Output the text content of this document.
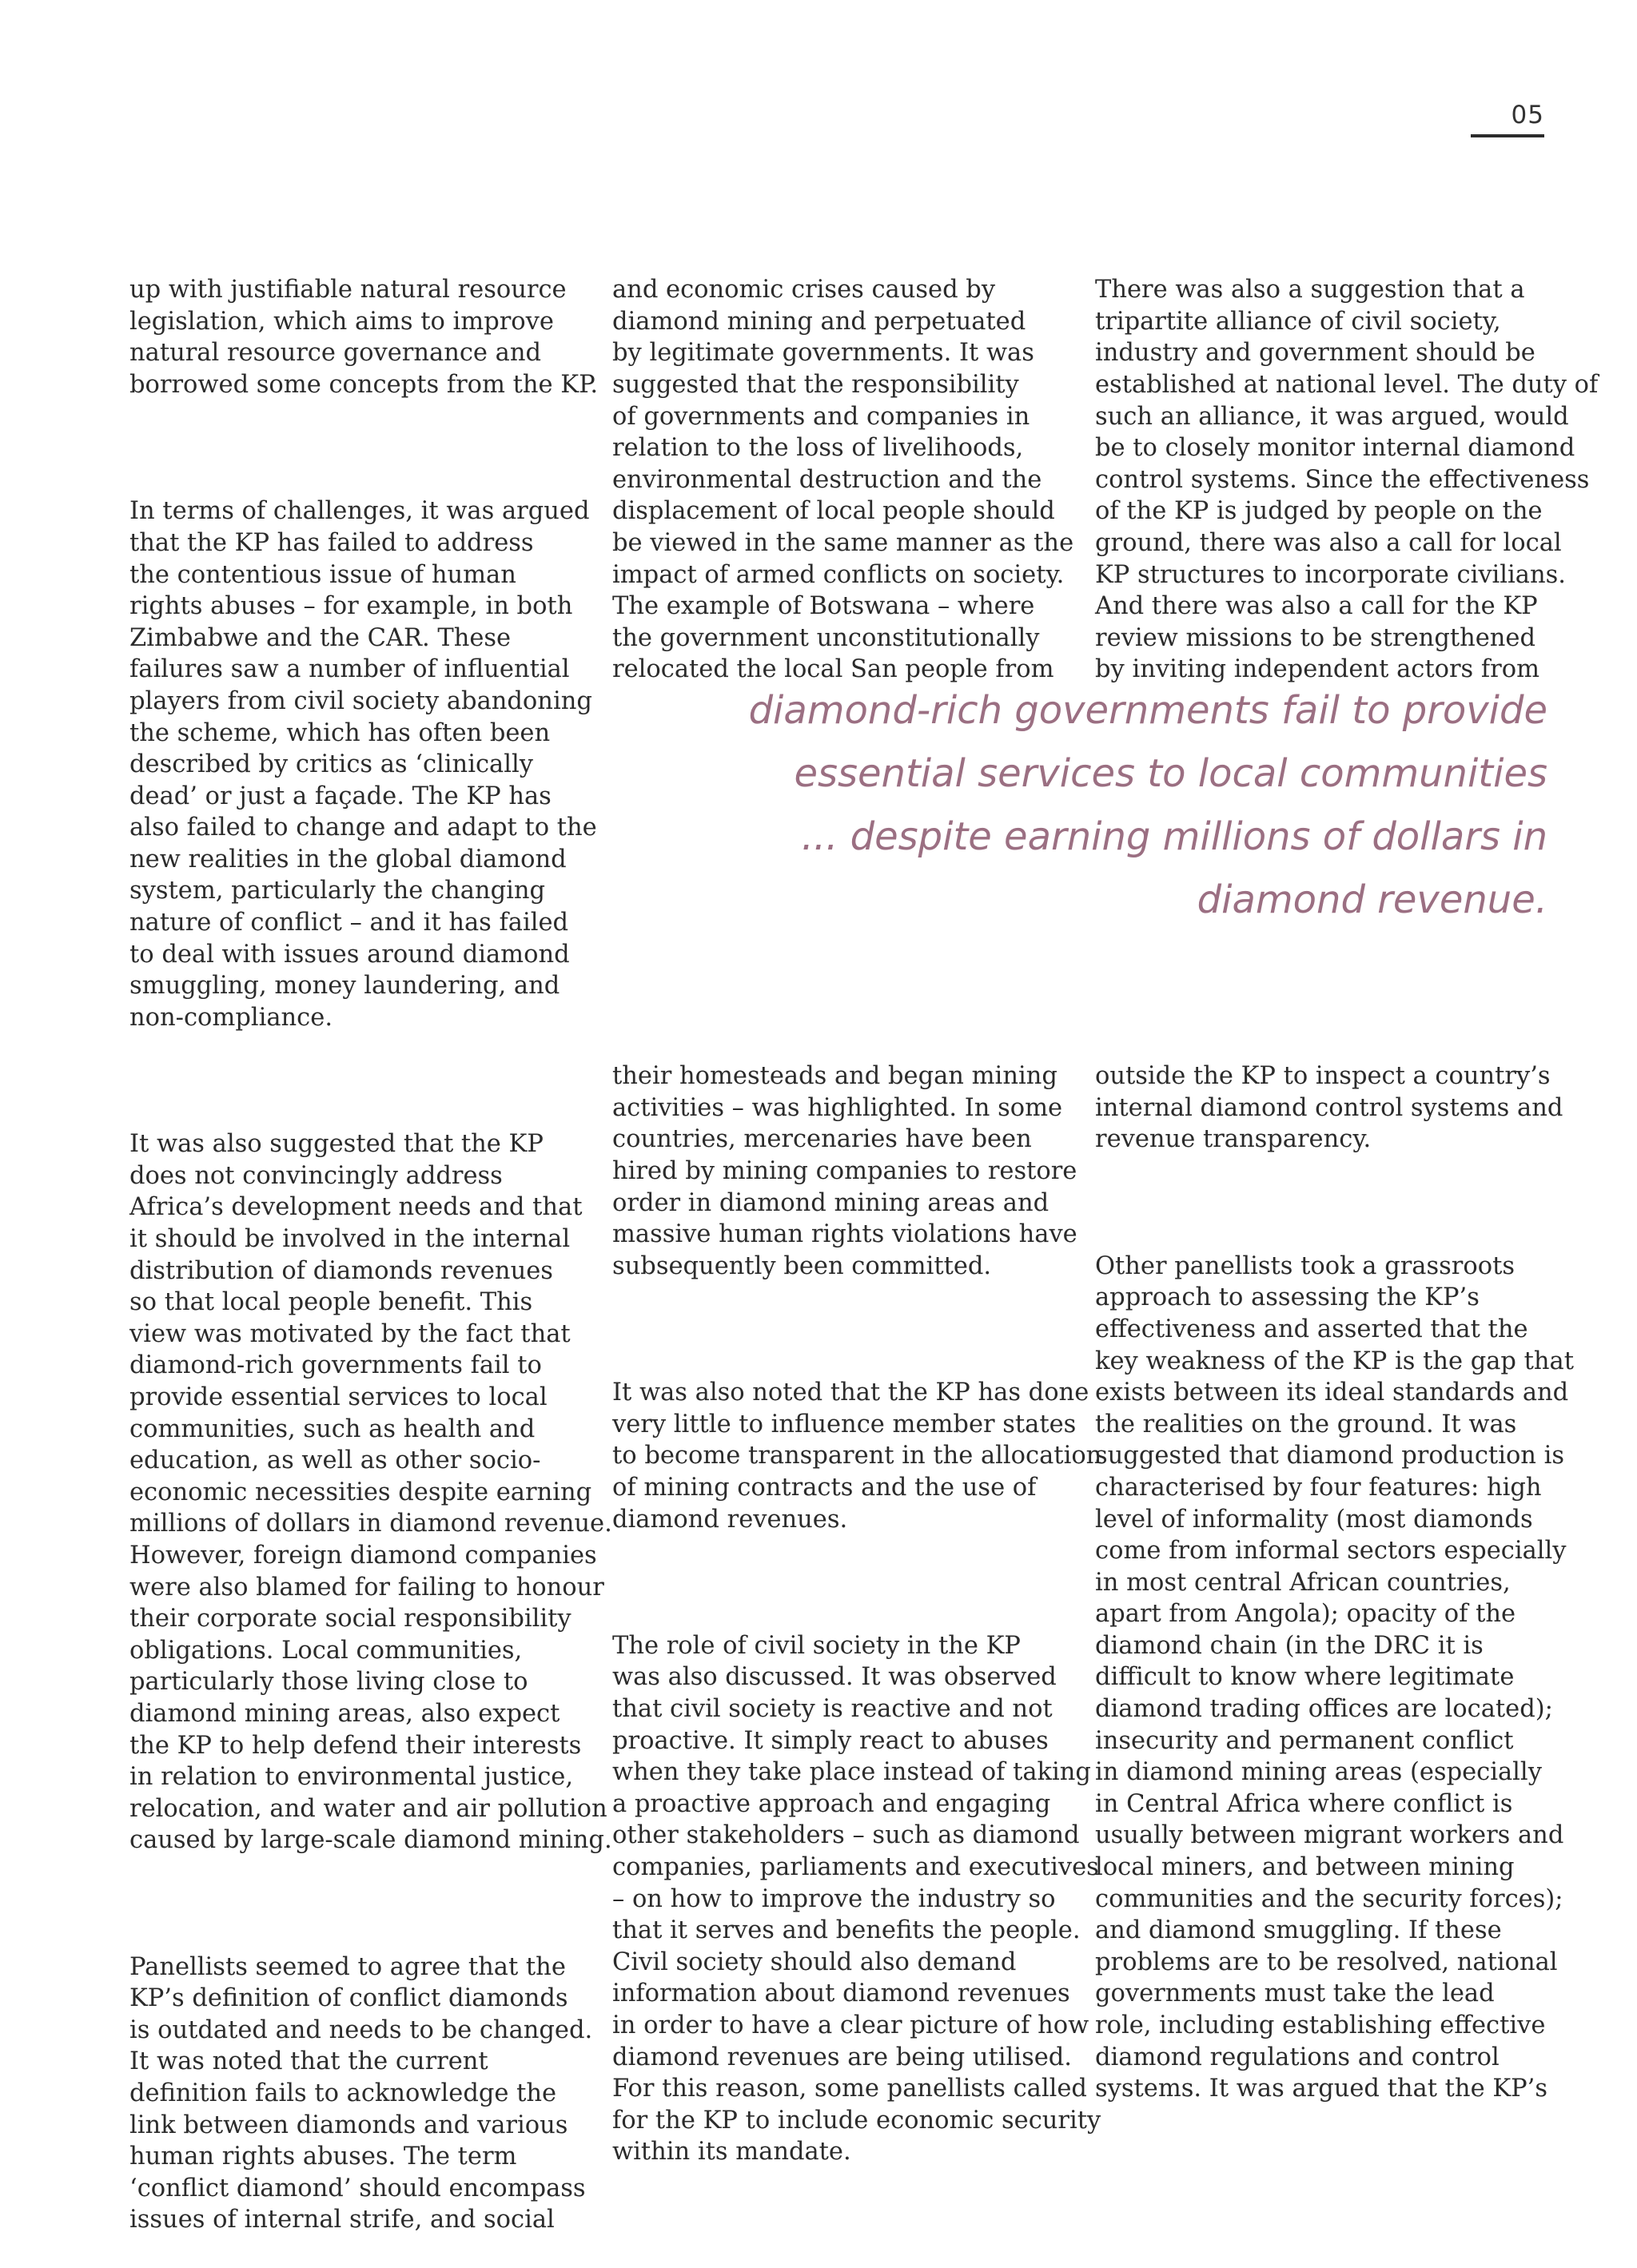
05

up with justifiable natural resource
legislation, which aims to improve
natural resource governance and
borrowed some concepts from the KP.

In terms of challenges, it was argued
that the KP has failed to address
the contentious issue of human
rights abuses – for example, in both
Zimbabwe and the CAR. These
failures saw a number of influential
players from civil society abandoning
the scheme, which has often been
described by critics as ‘clinically
dead’ or just a façade. The KP has
also failed to change and adapt to the
new realities in the global diamond
system, particularly the changing
nature of conflict – and it has failed
to deal with issues around diamond
smuggling, money laundering, and
non-compliance.

It was also suggested that the KP
does not convincingly address
Africa’s development needs and that
it should be involved in the internal
distribution of diamonds revenues
so that local people benefit. This
view was motivated by the fact that
diamond-rich governments fail to
provide essential services to local
communities, such as health and
education, as well as other socio-
economic necessities despite earning
millions of dollars in diamond revenue.
However, foreign diamond companies
were also blamed for failing to honour
their corporate social responsibility
obligations. Local communities,
particularly those living close to
diamond mining areas, also expect
the KP to help defend their interests
in relation to environmental justice,
relocation, and water and air pollution
caused by large-scale diamond mining.

Panellists seemed to agree that the
KP’s definition of conflict diamonds
is outdated and needs to be changed.
It was noted that the current
definition fails to acknowledge the
link between diamonds and various
human rights abuses. The term
‘conflict diamond’ should encompass
issues of internal strife, and social

and economic crises caused by
diamond mining and perpetuated
by legitimate governments. It was
suggested that the responsibility
of governments and companies in
relation to the loss of livelihoods,
environmental destruction and the
displacement of local people should
be viewed in the same manner as the
impact of armed conflicts on society.
The example of Botswana – where
the government unconstitutionally
relocated the local San people from

There was also a suggestion that a
tripartite alliance of civil society,
industry and government should be
established at national level. The duty of
such an alliance, it was argued, would
be to closely monitor internal diamond
control systems. Since the effectiveness
of the KP is judged by people on the
ground, there was also a call for local
KP structures to incorporate civilians.
And there was also a call for the KP
review missions to be strengthened
by inviting independent actors from

diamond-rich governments fail to provide
essential services to local communities
... despite earning millions of dollars in
diamond revenue.

their homesteads and began mining
activities – was highlighted. In some
countries, mercenaries have been
hired by mining companies to restore
order in diamond mining areas and
massive human rights violations have
subsequently been committed.

It was also noted that the KP has done
very little to influence member states
to become transparent in the allocation
of mining contracts and the use of
diamond revenues.

The role of civil society in the KP
was also discussed. It was observed
that civil society is reactive and not
proactive. It simply react to abuses
when they take place instead of taking
a proactive approach and engaging
other stakeholders – such as diamond
companies, parliaments and executives
– on how to improve the industry so
that it serves and benefits the people.
Civil society should also demand
information about diamond revenues
in order to have a clear picture of how
diamond revenues are being utilised.
For this reason, some panellists called
for the KP to include economic security
within its mandate.

outside the KP to inspect a country’s
internal diamond control systems and
revenue transparency.

Other panellists took a grassroots
approach to assessing the KP’s
effectiveness and asserted that the
key weakness of the KP is the gap that
exists between its ideal standards and
the realities on the ground. It was
suggested that diamond production is
characterised by four features: high
level of informality (most diamonds
come from informal sectors especially
in most central African countries,
apart from Angola); opacity of the
diamond chain (in the DRC it is
difficult to know where legitimate
diamond trading offices are located);
insecurity and permanent conflict
in diamond mining areas (especially
in Central Africa where conflict is
usually between migrant workers and
local miners, and between mining
communities and the security forces);
and diamond smuggling. If these
problems are to be resolved, national
governments must take the lead
role, including establishing effective
diamond regulations and control
systems. It was argued that the KP’s
